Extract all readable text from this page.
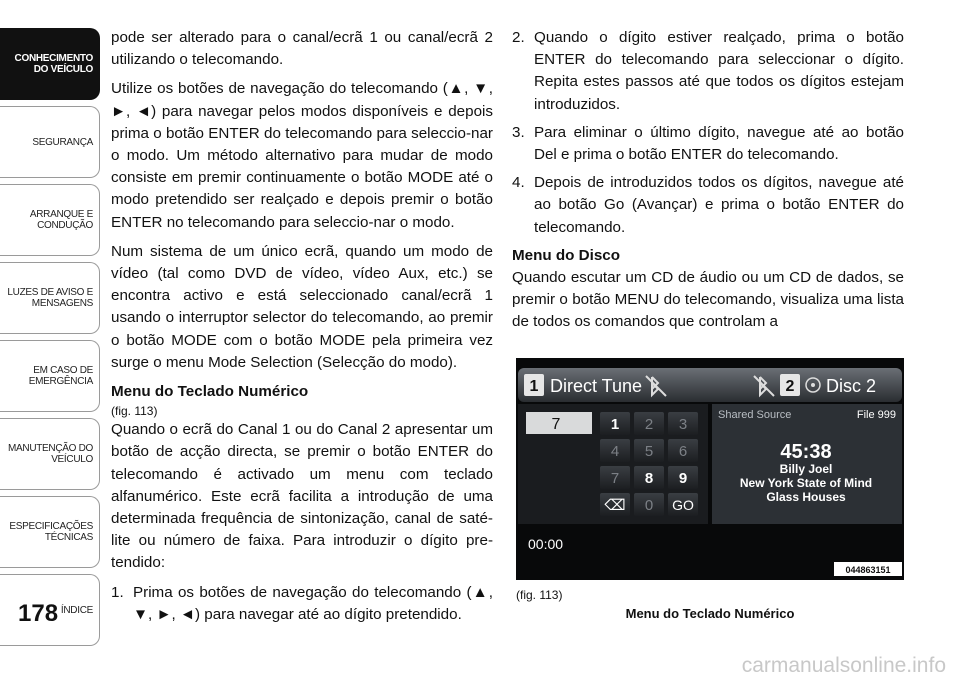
CONHECIMENTO DO VEÍCULO
SEGURANÇA
ARRANQUE E CONDUÇÃO
LUZES DE AVISO E MENSAGENS
EM CASO DE EMERGÊNCIA
MANUTENÇÃO DO VEÍCULO
ESPECIFICAÇÕES TÉCNICAS
ÍNDICE
178

pode ser alterado para o canal/ecrã 1 ou canal/ecrã 2 utilizando o telecomando.

Utilize os botões de navegação do telecomando (▲, ▼, ►, ◄) para navegar pelos modos disponíveis e depois prima o botão ENTER do telecomando para seleccio-nar o modo. Um método alternativo para mudar de modo consiste em premir continuamente o botão MODE até o modo pretendido ser realçado e depois premir o botão ENTER no telecomando para seleccio-nar o modo.

Num sistema de um único ecrã, quando um modo de vídeo (tal como DVD de vídeo, vídeo Aux, etc.) se encontra activo e está seleccionado canal/ecrã 1 usando o interruptor selector do telecomando, ao premir o botão MODE com o botão MODE pela primeira vez surge o menu Mode Selection (Selecção do modo).

Menu do Teclado Numérico

(fig. 113)

Quando o ecrã do Canal 1 ou do Canal 2 apresentar um botão de acção directa, se premir o botão ENTER do telecomando é activado um menu com teclado alfanumérico. Este ecrã facilita a introdução de uma determinada frequência de sintonização, canal de saté-lite ou número de faixa. Para introduzir o dígito pre-tendido:

1. Prima os botões de navegação do telecomando (▲, ▼, ►, ◄) para navegar até ao dígito pretendido.
2. Quando o dígito estiver realçado, prima o botão ENTER do telecomando para seleccionar o dígito. Repita estes passos até que todos os dígitos estejam introduzidos.
3. Para eliminar o último dígito, navegue até ao botão Del e prima o botão ENTER do telecomando.
4. Depois de introduzidos todos os dígitos, navegue até ao botão Go (Avançar) e prima o botão ENTER do telecomando.
Menu do Disco

Quando escutar um CD de áudio ou um CD de dados, se premir o botão MENU do telecomando, visualiza uma lista de todos os comandos que controlam a

1 Direct Tune	2 Disc 2
7	1 2 3
4 5 6
7 8 9
⌫ 0 GO
Shared Source	File 999
45:38
Billy Joel
New York State of Mind
Glass Houses
00:00
044863151
(fig. 113)
Menu do Teclado Numérico
carmanualsonline.info
